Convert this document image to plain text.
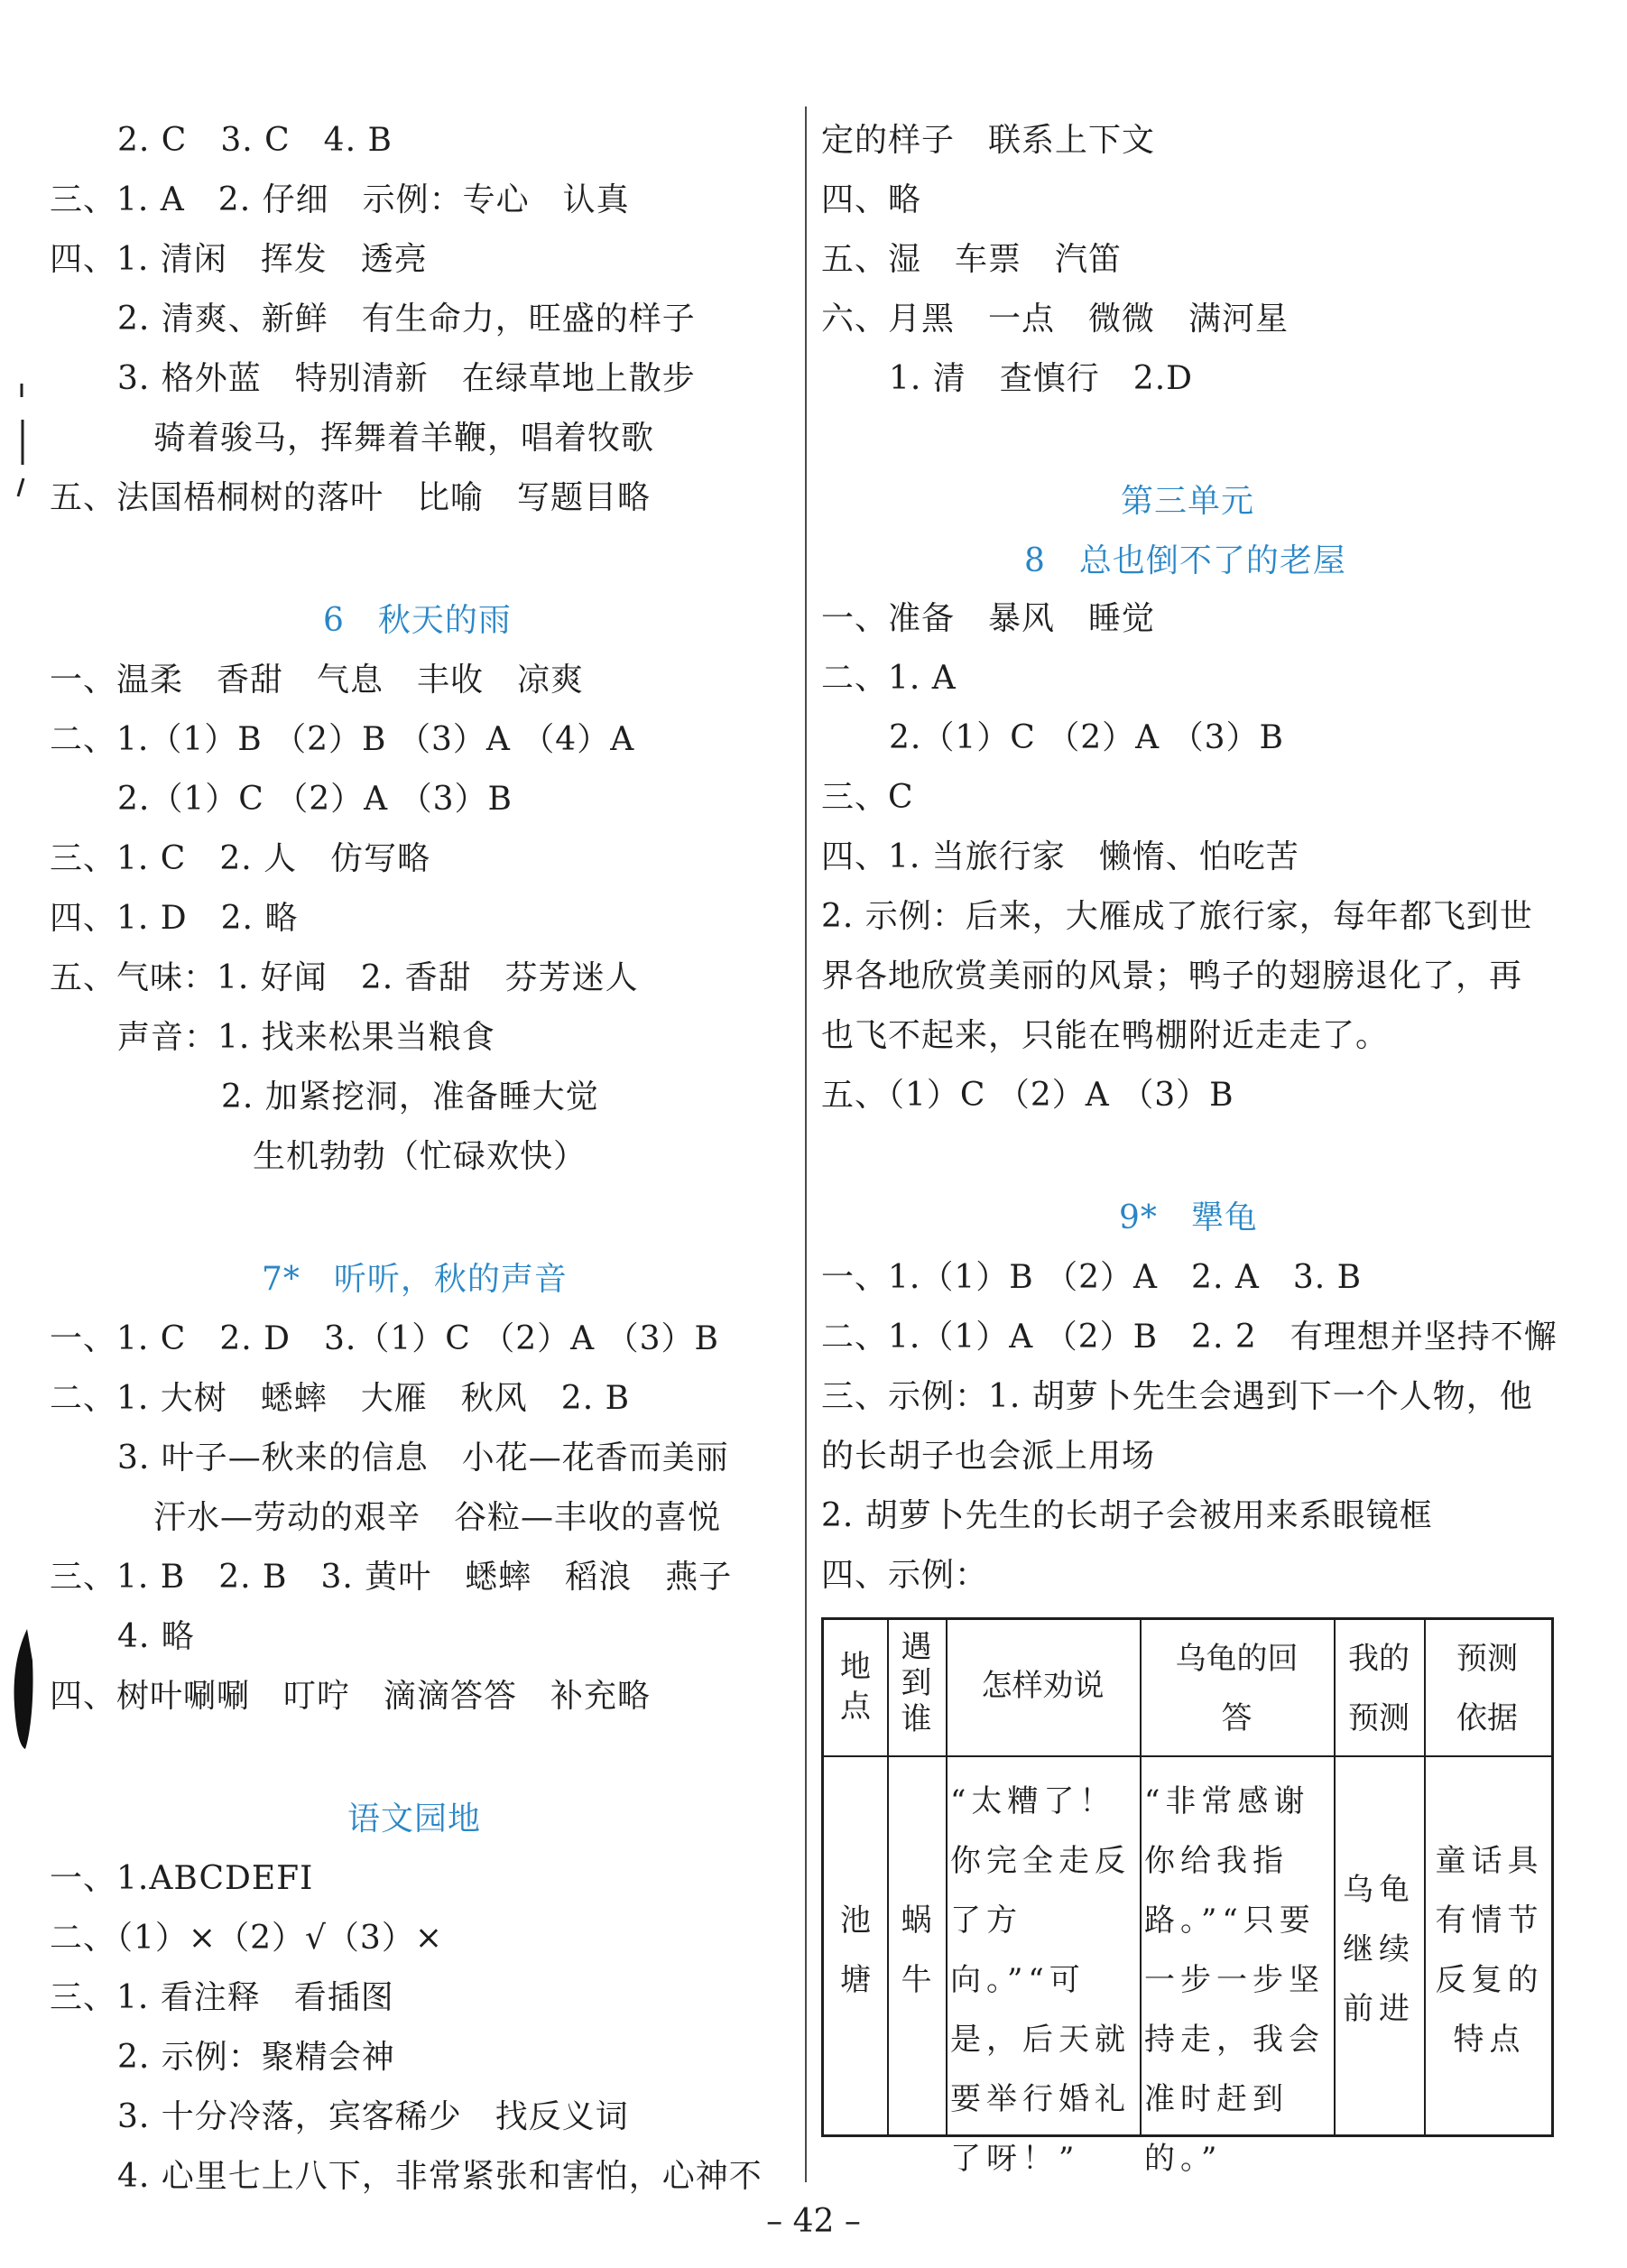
2. C　3. C　4. B
三、1. A　2. 仔细　示例：专心　认真
四、1. 清闲　挥发　透亮
2. 清爽、新鲜　有生命力，旺盛的样子
3. 格外蓝　特别清新　在绿草地上散步
骑着骏马，挥舞着羊鞭，唱着牧歌
五、法国梧桐树的落叶　比喻　写题目略
6　秋天的雨
一、温柔　香甜　气息　丰收　凉爽
二、1.（1）B （2）B （3）A （4）A
2.（1）C （2）A （3）B
三、1. C　2. 人　仿写略
四、1. D　2. 略
五、气味：1. 好闻　2. 香甜　芬芳迷人
声音：1. 找来松果当粮食
2. 加紧挖洞，准备睡大觉
生机勃勃（忙碌欢快）
7*　听听，秋的声音
一、1. C　2. D　3.（1）C （2）A （3）B
二、1. 大树　蟋蟀　大雁　秋风　2. B
3. 叶子—秋来的信息　小花—花香而美丽
汗水—劳动的艰辛　谷粒—丰收的喜悦
三、1. B　2. B　3. 黄叶　蟋蟀　稻浪　燕子
4. 略
四、树叶唰唰　叮咛　滴滴答答　补充略
语文园地
一、1.ABCDEFI
二、（1）×（2）√（3）×
三、1. 看注释　看插图
2. 示例：聚精会神
3. 十分冷落，宾客稀少　找反义词
4. 心里七上八下，非常紧张和害怕，心神不
定的样子　联系上下文
四、略
五、湿　车票　汽笛
六、月黑　一点　微微　满河星
1. 清　查慎行　2.D
第三单元
8　总也倒不了的老屋
一、准备　暴风　睡觉
二、1. A
2.（1）C （2）A （3）B
三、C
四、1. 当旅行家　懒惰、怕吃苦
2. 示例：后来，大雁成了旅行家，每年都飞到世
界各地欣赏美丽的风景；鸭子的翅膀退化了，再
也飞不起来，只能在鸭棚附近走走了。
五、（1）C （2）A （3）B
9*　犟龟
一、1.（1）B （2）A　2. A　3. B
二、1.（1）A （2）B　2. 2　有理想并坚持不懈
三、示例：1. 胡萝卜先生会遇到下一个人物，他
的长胡子也会派上用场
2. 胡萝卜先生的长胡子会被用来系眼镜框
四、示例：
地点
遇到谁
怎样劝说
乌龟的回答
我的预测
预测依据
池塘
蜗牛
“太糟了！你完全走反了方向。”“可是，后天就要举行婚礼了呀！”
“非常感谢你给我指路。”“只要一步一步坚持走，我会准时赶到的。”
乌龟继续前进
童话具有情节反复的特点
– 42 –
